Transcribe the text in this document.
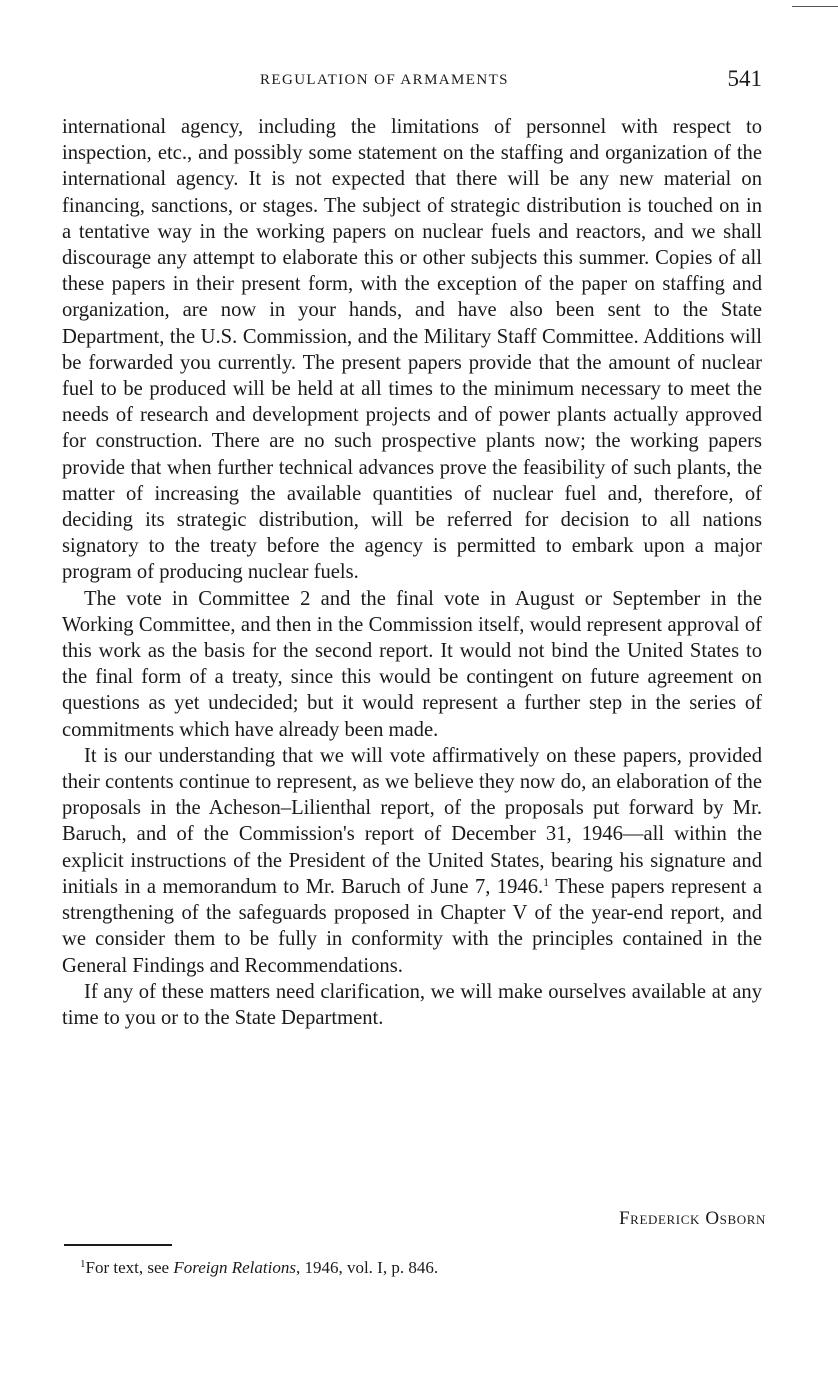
REGULATION OF ARMAMENTS	541

international agency, including the limitations of personnel with respect to inspection, etc., and possibly some statement on the staffing and organization of the international agency. It is not expected that there will be any new material on financing, sanctions, or stages. The subject of strategic distribution is touched on in a tentative way in the working papers on nuclear fuels and reactors, and we shall discourage any attempt to elaborate this or other subjects this summer. Copies of all these papers in their present form, with the exception of the paper on staffing and organization, are now in your hands, and have also been sent to the State Department, the U.S. Commission, and the Military Staff Committee. Additions will be forwarded you currently. The present papers provide that the amount of nuclear fuel to be produced will be held at all times to the minimum necessary to meet the needs of research and development projects and of power plants actually approved for construction. There are no such prospective plants now; the working papers provide that when further technical advances prove the feasibility of such plants, the matter of increasing the available quantities of nuclear fuel and, therefore, of deciding its strategic distribution, will be referred for decision to all nations signatory to the treaty before the agency is permitted to embark upon a major program of producing nuclear fuels.

The vote in Committee 2 and the final vote in August or September in the Working Committee, and then in the Commission itself, would represent approval of this work as the basis for the second report. It would not bind the United States to the final form of a treaty, since this would be contingent on future agreement on questions as yet undecided; but it would represent a further step in the series of commitments which have already been made.

It is our understanding that we will vote affirmatively on these papers, provided their contents continue to represent, as we believe they now do, an elaboration of the proposals in the Acheson–Lilienthal report, of the proposals put forward by Mr. Baruch, and of the Commission's report of December 31, 1946—all within the explicit instructions of the President of the United States, bearing his signature and initials in a memorandum to Mr. Baruch of June 7, 1946.$^1$ These papers represent a strengthening of the safeguards proposed in Chapter V of the year-end report, and we consider them to be fully in conformity with the principles contained in the General Findings and Recommendations.

If any of these matters need clarification, we will make ourselves available at any time to you or to the State Department.

Frederick Osborn
$^1$For text, see Foreign Relations, 1946, vol. I, p. 846.
